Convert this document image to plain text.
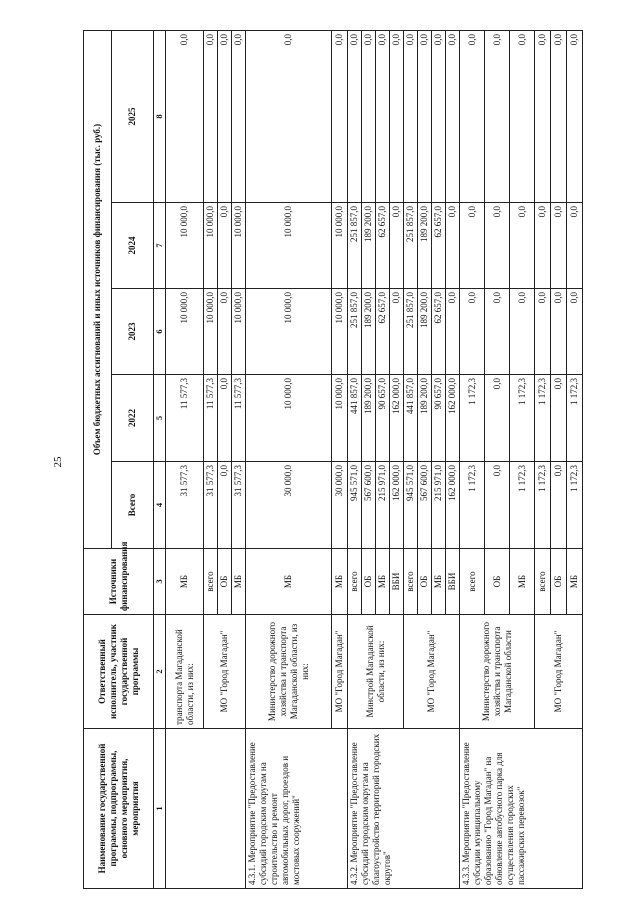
25
Наименование государственной программы, подпрограммы, основного мероприятия, мероприятия	Ответственный исполнитель, участник государственной программы	Источники финансирования	Объем бюджетных ассигнований и иных источников финансирования (тыс. руб.)				
			Всего	2022	2023	2024	2025
1	2	3	4	5	6	7	8
	транспорта Магаданской области, из них:	МБ	31 577,3	11 577,3	10 000,0	10 000,0	0,0
	МО "Город Магадан"	всего	31 577,3	11 577,3	10 000,0	10 000,0	0,0
		ОБ	0,0	0,0	0,0	0,0	0,0
		МБ	31 577,3	11 577,3	10 000,0	10 000,0	0,0
4.3.1. Мероприятие "Предоставление субсидий городским округам на строительство и ремонт автомобильных дорог, проездов и мостовых сооружений"	Министерство дорожного хозяйства и транспорта Магаданской области, из них:	МБ	30 000,0	10 000,0	10 000,0	10 000,0	0,0
	МО "Город Магадан"	МБ	30 000,0	10 000,0	10 000,0	10 000,0	0,0
4.3.2. Мероприятие "Предоставление субсидий городским округам на благоустройство территорий городских округов"	Минстрой Магаданской области, из них:	всего	945 571,0	441 857,0	251 857,0	251 857,0	0,0
		ОБ	567 600,0	189 200,0	189 200,0	189 200,0	0,0
		МБ	215 971,0	90 657,0	62 657,0	62 657,0	0,0
		ВБИ	162 000,0	162 000,0	0,0	0,0	0,0
	МО "Город Магадан"	всего	945 571,0	441 857,0	251 857,0	251 857,0	0,0
		ОБ	567 600,0	189 200,0	189 200,0	189 200,0	0,0
		МБ	215 971,0	90 657,0	62 657,0	62 657,0	0,0
		ВБИ	162 000,0	162 000,0	0,0	0,0	0,0
4.3.3. Мероприятие "Предоставление субсидии муниципальному образованию "Город Магадан" на обновление автобусного парка для осуществления городских пассажирских перевозок"	Министерство дорожного хозяйства и транспорта Магаданской области	всего	1 172,3	1 172,3	0,0	0,0	0,0
		ОБ	0,0	0,0	0,0	0,0	0,0
		МБ	1 172,3	1 172,3	0,0	0,0	0,0
	МО "Город Магадан"	всего	1 172,3	1 172,3	0,0	0,0	0,0
		ОБ	0,0	0,0	0,0	0,0	0,0
		МБ	1 172,3	1 172,3	0,0	0,0	0,0
